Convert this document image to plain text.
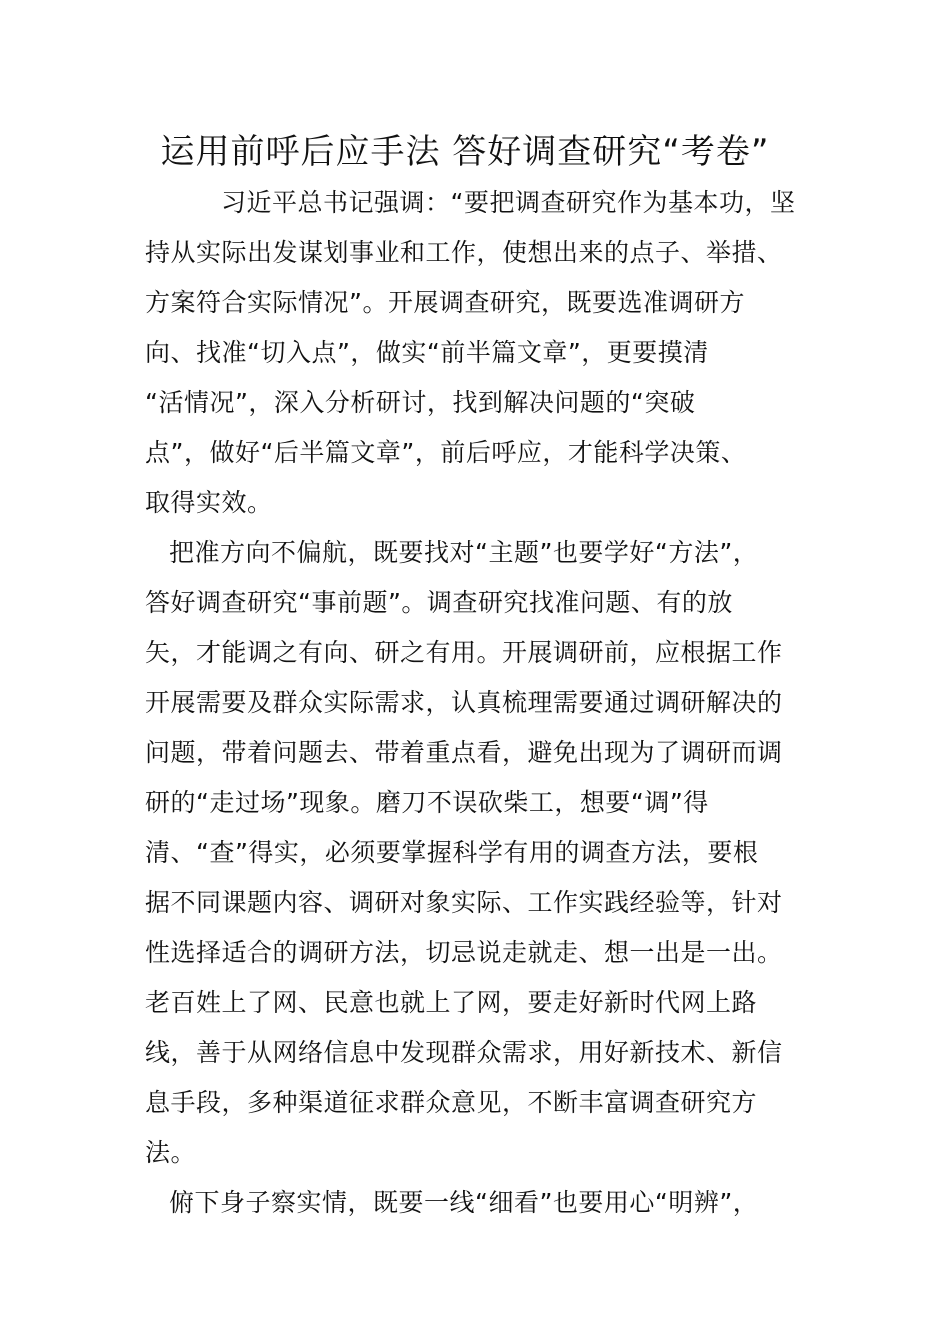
运用前呼后应手法 答好调查研究“考卷”
习近平总书记强调：“要把调查研究作为基本功，坚
持从实际出发谋划事业和工作，使想出来的点子、举措、
方案符合实际情况”。开展调查研究，既要选准调研方
向、找准“切入点”，做实“前半篇文章”，更要摸清
“活情况”，深入分析研讨，找到解决问题的“突破
点”，做好“后半篇文章”，前后呼应，才能科学决策、
取得实效。
把准方向不偏航，既要找对“主题”也要学好“方法”，
答好调查研究“事前题”。调查研究找准问题、有的放
矢，才能调之有向、研之有用。开展调研前，应根据工作
开展需要及群众实际需求，认真梳理需要通过调研解决的
问题，带着问题去、带着重点看，避免出现为了调研而调
研的“走过场”现象。磨刀不误砍柴工，想要“调”得
清、“查”得实，必须要掌握科学有用的调查方法，要根
据不同课题内容、调研对象实际、工作实践经验等，针对
性选择适合的调研方法，切忌说走就走、想一出是一出。
老百姓上了网、民意也就上了网，要走好新时代网上路
线，善于从网络信息中发现群众需求，用好新技术、新信
息手段，多种渠道征求群众意见，不断丰富调查研究方
法。
俯下身子察实情，既要一线“细看”也要用心“明辨”，
